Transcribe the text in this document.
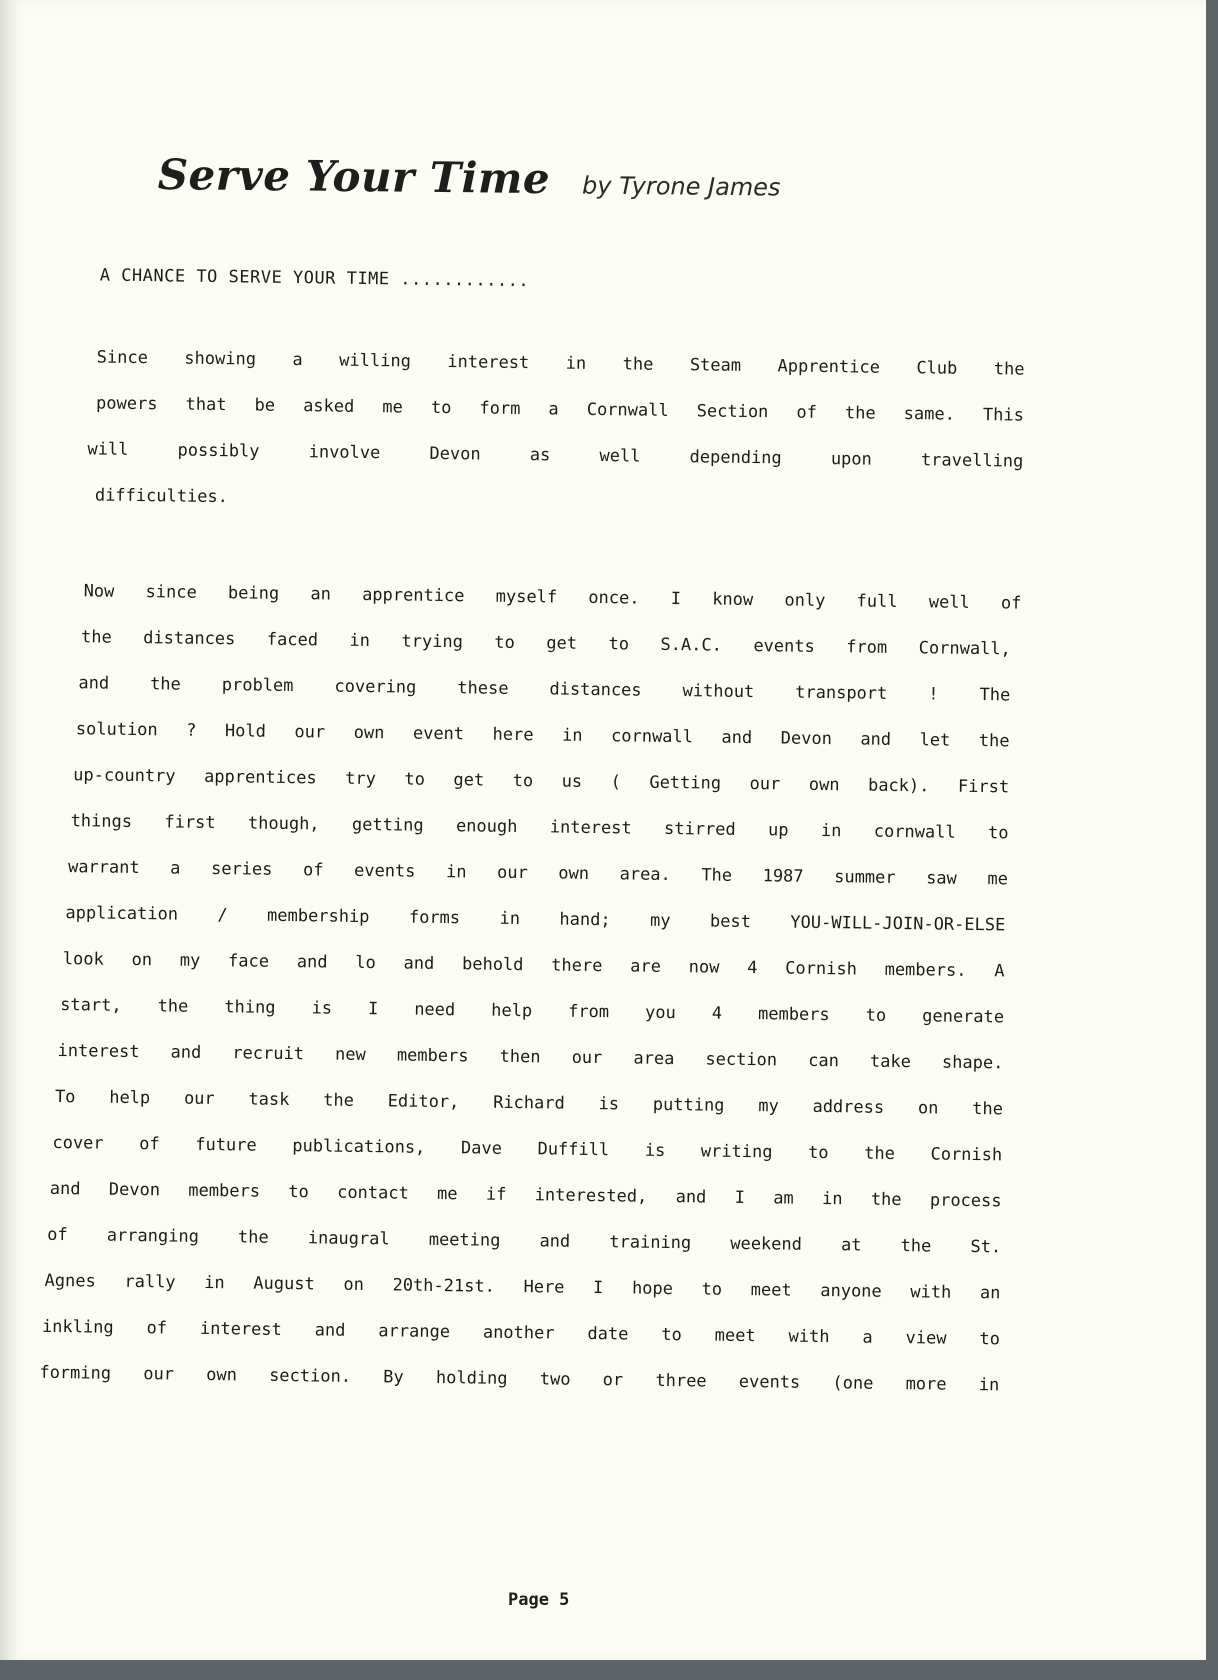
Serve Your Time by Tyrone James
A CHANCE TO SERVE YOUR TIME ............
Since showing a willing interest in the Steam Apprentice Club the
powers that be asked me to form a Cornwall Section of the same. This
will	possibly	involve	Devon	as	well	depending	upon	travelling
difficulties.
Now since being an apprentice myself once. I know only full well of
the distances faced in trying to get to S.A.C. events from Cornwall,
and the problem covering these distances without transport ! The
solution ? Hold our own event here in cornwall and Devon and let the
up-country apprentices try to get to us ( Getting our own back). First
things first though, getting enough interest stirred up in cornwall to
warrant a series of events in our own area. The 1987 summer saw me
application / membership forms in hand; my best YOU-WILL-JOIN-OR-ELSE
look on my face and lo and behold there are now 4 Cornish members. A
start, the thing is I need help from you 4 members to generate
interest and recruit new members then our area section can take shape.
To help our task the Editor, Richard is putting my address on the
cover of future publications, Dave Duffill is writing to the Cornish
and Devon members to contact me if interested, and I am in the process
of arranging the inaugral meeting and training weekend at the St.
Agnes rally in August on 20th-21st. Here I hope to meet anyone with an
inkling of interest and arrange another date to meet with a view to
forming our own section. By holding two or three events (one more in
Page 5
